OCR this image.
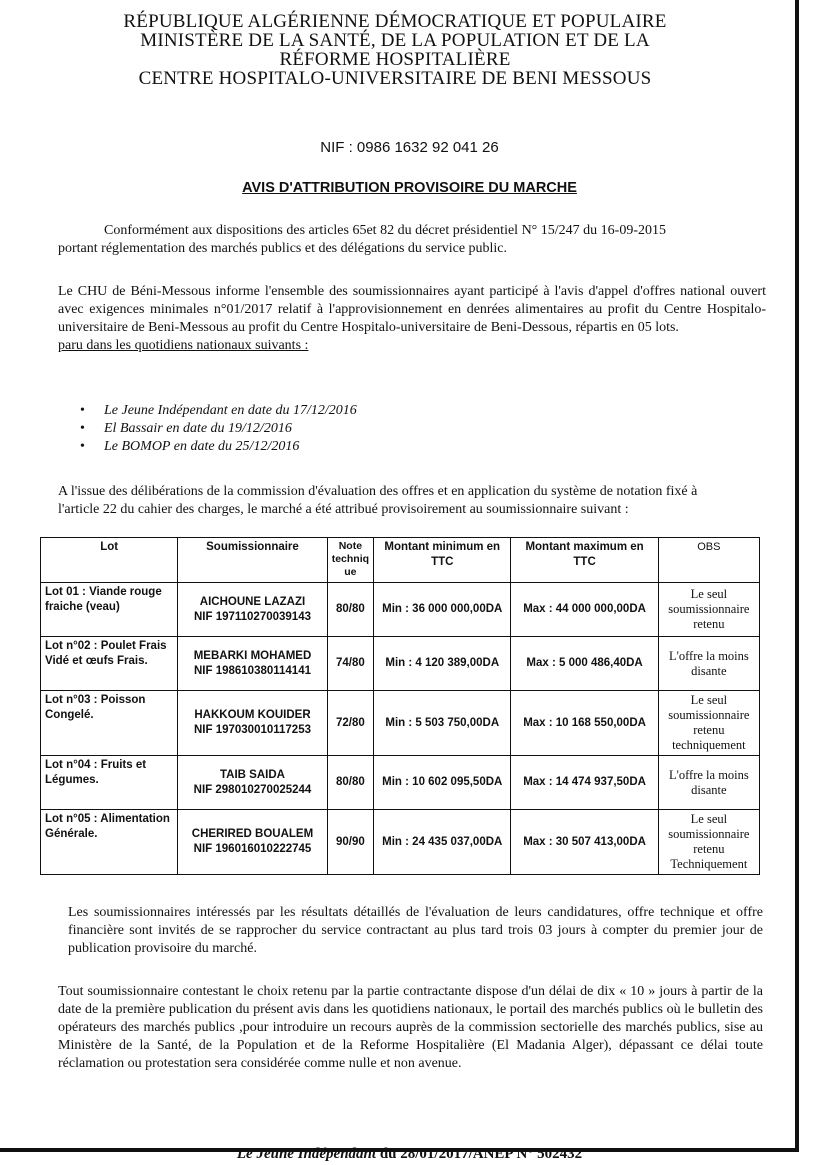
RÉPUBLIQUE ALGÉRIENNE DÉMOCRATIQUE ET POPULAIRE
MINISTÈRE DE LA SANTÉ, DE LA POPULATION ET DE LA
RÉFORME HOSPITALIÈRE
CENTRE HOSPITALO-UNIVERSITAIRE DE BENI MESSOUS
NIF : 0986 1632 92 041 26
AVIS D'ATTRIBUTION PROVISOIRE DU MARCHE
Conformément aux dispositions des articles 65et 82 du décret présidentiel N° 15/247 du 16-09-2015
portant réglementation des marchés publics et des délégations du service public.
Le CHU de Béni-Messous informe l'ensemble des soumissionnaires ayant participé à l'avis d'appel d'offres national ouvert avec exigences minimales n°01/2017 relatif à l'approvisionnement en denrées alimentaires au profit du Centre Hospitalo-universitaire de Beni-Messous au profit du Centre Hospitalo-universitaire de Beni-Dessous, répartis en 05 lots.
paru dans les quotidiens nationaux suivants :
• Le Jeune Indépendant en date du 17/12/2016
• El Bassair en date du 19/12/2016
• Le BOMOP en date du 25/12/2016
A l'issue des délibérations de la commission d'évaluation des offres et en application du système de notation fixé à
l'article 22 du cahier des charges, le marché a été attribué provisoirement au soumissionnaire suivant :
Lot	Soumissionnaire	Note techniq ue	Montant minimum en TTC	Montant maximum en TTC	OBS
Lot 01 : Viande rouge fraiche (veau)	AICHOUNE LAZAZI
NIF 197110270039143	80/80	Min : 36 000 000,00DA	Max : 44 000 000,00DA	Le seul soumissionnaire retenu
Lot n°02 : Poulet Frais Vidé et œufs Frais.	MEBARKI MOHAMED
NIF 198610380114141	74/80	Min : 4 120 389,00DA	Max : 5 000 486,40DA	L'offre la moins disante
Lot n°03 : Poisson Congelé.	HAKKOUM KOUIDER
NIF 197030010117253	72/80	Min : 5 503 750,00DA	Max : 10 168 550,00DA	Le seul soumissionnaire retenu techniquement
Lot n°04 : Fruits et Légumes.	TAIB SAIDA
NIF 298010270025244	80/80	Min : 10 602 095,50DA	Max : 14 474 937,50DA	L'offre la moins disante
Lot n°05 : Alimentation Générale.	CHERIRED BOUALEM
NIF 196016010222745	90/90	Min : 24 435 037,00DA	Max : 30 507 413,00DA	Le seul soumissionnaire retenu Techniquement
Les soumissionnaires intéressés par les résultats détaillés de l'évaluation de leurs candidatures, offre technique et offre financière sont invités de se rapprocher du service contractant au plus tard trois 03 jours à compter du premier jour de publication provisoire du marché.
Tout soumissionnaire contestant le choix retenu par la partie contractante dispose d'un délai de dix « 10 » jours à partir de la date de la première publication du présent avis dans les quotidiens nationaux, le portail des marchés publics où le bulletin des opérateurs des marchés publics ,pour introduire un recours auprès de la commission sectorielle des marchés publics, sise au Ministère de la Santé, de la Population et de la Reforme Hospitalière (El Madania Alger), dépassant ce délai toute réclamation ou protestation sera considérée comme nulle et non avenue.
Le Jeune Indépendant du 28/01/2017/ANEP N° 502432
